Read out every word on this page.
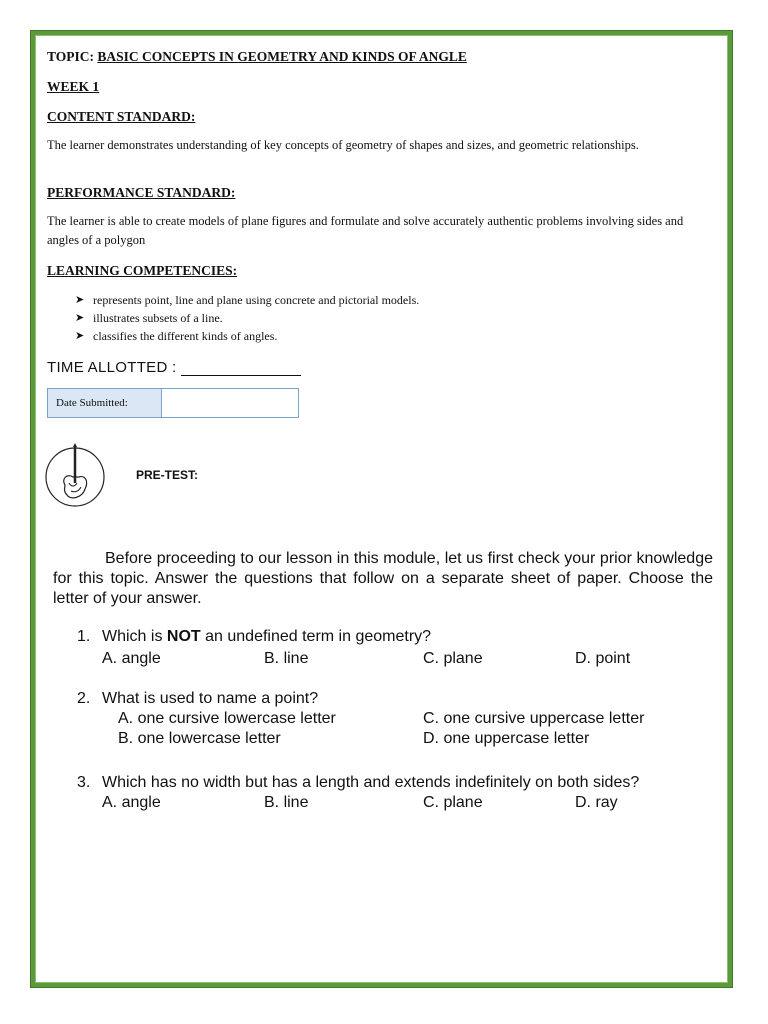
TOPIC: BASIC CONCEPTS IN GEOMETRY AND KINDS OF ANGLE
WEEK 1
CONTENT STANDARD:
The learner demonstrates understanding of key concepts of geometry of shapes and sizes, and geometric relationships.
PERFORMANCE STANDARD:
The learner is able to create models of plane figures and formulate and solve accurately authentic problems involving sides and angles of a polygon
LEARNING COMPETENCIES:
➤ represents point, line and plane using concrete and pictorial models.
➤ illustrates subsets of a line.
➤ classifies the different kinds of angles.
TIME ALLOTTED :
Date Submitted:
PRE-TEST:
Before proceeding to our lesson in this module, let us first check your prior knowledge for this topic. Answer the questions that follow on a separate sheet of paper. Choose the letter of your answer.
1. Which is NOT an undefined term in geometry?
A. angle	B. line	C. plane	D. point
2. What is used to name a point?
A. one cursive lowercase letter	C. one cursive uppercase letter
B. one lowercase letter	D. one uppercase letter
3. Which has no width but has a length and extends indefinitely on both sides?
A. angle	B. line	C. plane	D. ray
